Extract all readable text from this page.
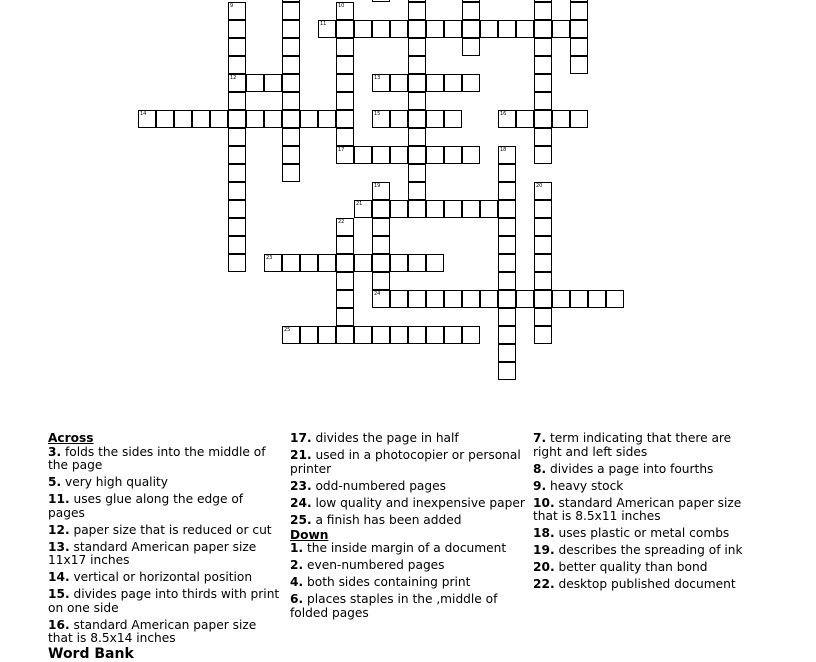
11
12	13
14	15	16
17
21
23
24
25
9	10
19
22
18
20
Across
3. folds the sides into the middle of the page
5. very high quality
11. uses glue along the edge of pages
12. paper size that is reduced or cut
13. standard American paper size 11x17 inches
14. vertical or horizontal position
15. divides page into thirds with print on one side
16. standard American paper size that is 8.5x14 inches
17. divides the page in half
21. used in a photocopier or personal printer
23. odd-numbered pages
24. low quality and inexpensive paper
25. a finish has been added
Down
1. the inside margin of a document
2. even-numbered pages
4. both sides containing print
6. places staples in the ,middle of folded pages
7. term indicating that there are right and left sides
8. divides a page into fourths
9. heavy stock
10. standard American paper size that is 8.5x11 inches
18. uses plastic or metal combs
19. describes the spreading of ink
20. better quality than bond
22. desktop published document
Word Bank
